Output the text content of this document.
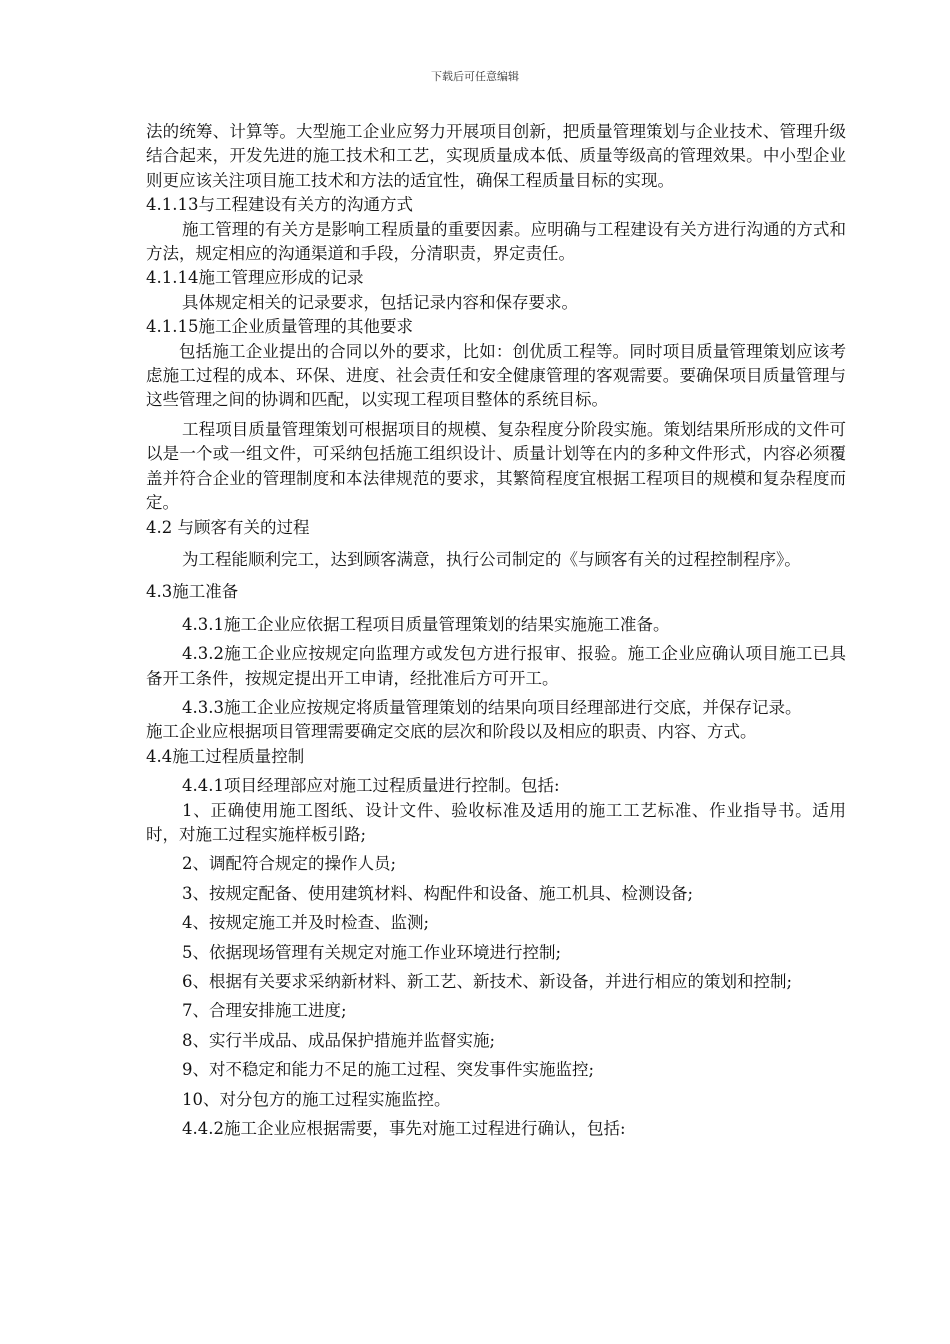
下载后可任意编辑

法的统筹、计算等。大型施工企业应努力开展项目创新，把质量管理策划与企业技术、管理升级结合起来，开发先进的施工技术和工艺，实现质量成本低、质量等级高的管理效果。中小型企业则更应该关注项目施工技术和方法的适宜性，确保工程质量目标的实现。

4.1.13与工程建设有关方的沟通方式

施工管理的有关方是影响工程质量的重要因素。应明确与工程建设有关方进行沟通的方式和方法，规定相应的沟通渠道和手段，分清职责，界定责任。

4.1.14施工管理应形成的记录

具体规定相关的记录要求，包括记录内容和保存要求。

4.1.15施工企业质量管理的其他要求

包括施工企业提出的合同以外的要求，比如：创优质工程等。同时项目质量管理策划应该考虑施工过程的成本、环保、进度、社会责任和安全健康管理的客观需要。要确保项目质量管理与这些管理之间的协调和匹配，以实现工程项目整体的系统目标。

工程项目质量管理策划可根据项目的规模、复杂程度分阶段实施。策划结果所形成的文件可以是一个或一组文件，可采纳包括施工组织设计、质量计划等在内的多种文件形式，内容必须覆盖并符合企业的管理制度和本法律规范的要求，其繁简程度宜根据工程项目的规模和复杂程度而定。

4.2 与顾客有关的过程

为工程能顺利完工，达到顾客满意，执行公司制定的《与顾客有关的过程控制程序》。

4.3施工准备

4.3.1施工企业应依据工程项目质量管理策划的结果实施施工准备。

4.3.2施工企业应按规定向监理方或发包方进行报审、报验。施工企业应确认项目施工已具备开工条件，按规定提出开工申请，经批准后方可开工。

4.3.3施工企业应按规定将质量管理策划的结果向项目经理部进行交底，并保存记录。

施工企业应根据项目管理需要确定交底的层次和阶段以及相应的职责、内容、方式。

4.4施工过程质量控制

4.4.1项目经理部应对施工过程质量进行控制。包括:

1、正确使用施工图纸、设计文件、验收标准及适用的施工工艺标准、作业指导书。适用时，对施工过程实施样板引路;

2、调配符合规定的操作人员;

3、按规定配备、使用建筑材料、构配件和设备、施工机具、检测设备;

4、按规定施工并及时检查、监测;

5、依据现场管理有关规定对施工作业环境进行控制;

6、根据有关要求采纳新材料、新工艺、新技术、新设备，并进行相应的策划和控制;

7、合理安排施工进度;

8、实行半成品、成品保护措施并监督实施;

9、对不稳定和能力不足的施工过程、突发事件实施监控;

10、对分包方的施工过程实施监控。

4.4.2施工企业应根据需要，事先对施工过程进行确认，包括:
